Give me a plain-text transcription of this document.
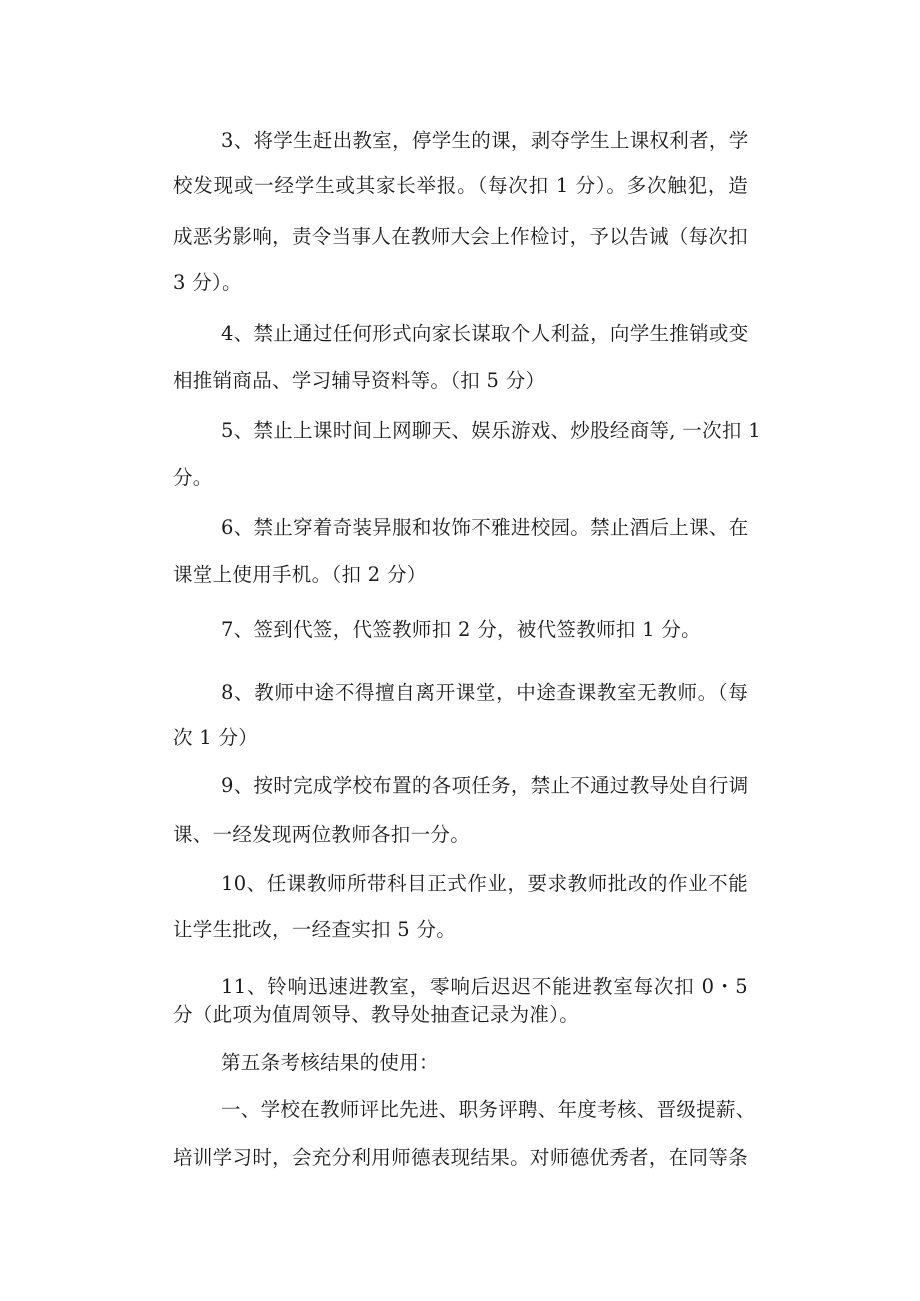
3、将学生赶出教室，停学生的课，剥夺学生上课权利者，学
校发现或一经学生或其家长举报。（每次扣 1 分）。多次触犯，造
成恶劣影响，责令当事人在教师大会上作检讨，予以告诫（每次扣
3 分）。
4、禁止通过任何形式向家长谋取个人利益，向学生推销或变
相推销商品、学习辅导资料等。（扣 5 分）
5、禁止上课时间上网聊天、娱乐游戏、炒股经商等, 一次扣 1
分。
6、禁止穿着奇装异服和妆饰不雅进校园。禁止酒后上课、在
课堂上使用手机。（扣 2 分）
7、签到代签，代签教师扣 2 分，被代签教师扣 1 分。
8、教师中途不得擅自离开课堂，中途查课教室无教师。（每
次 1 分）
9、按时完成学校布置的各项任务，禁止不通过教导处自行调
课、一经发现两位教师各扣一分。
10、任课教师所带科目正式作业，要求教师批改的作业不能
让学生批改，一经查实扣 5 分。
11、铃响迅速进教室，零响后迟迟不能进教室每次扣 0・5
分（此项为值周领导、教导处抽查记录为准）。
第五条考核结果的使用：
一、学校在教师评比先进、职务评聘、年度考核、晋级提薪、
培训学习时，会充分利用师德表现结果。对师德优秀者，在同等条
